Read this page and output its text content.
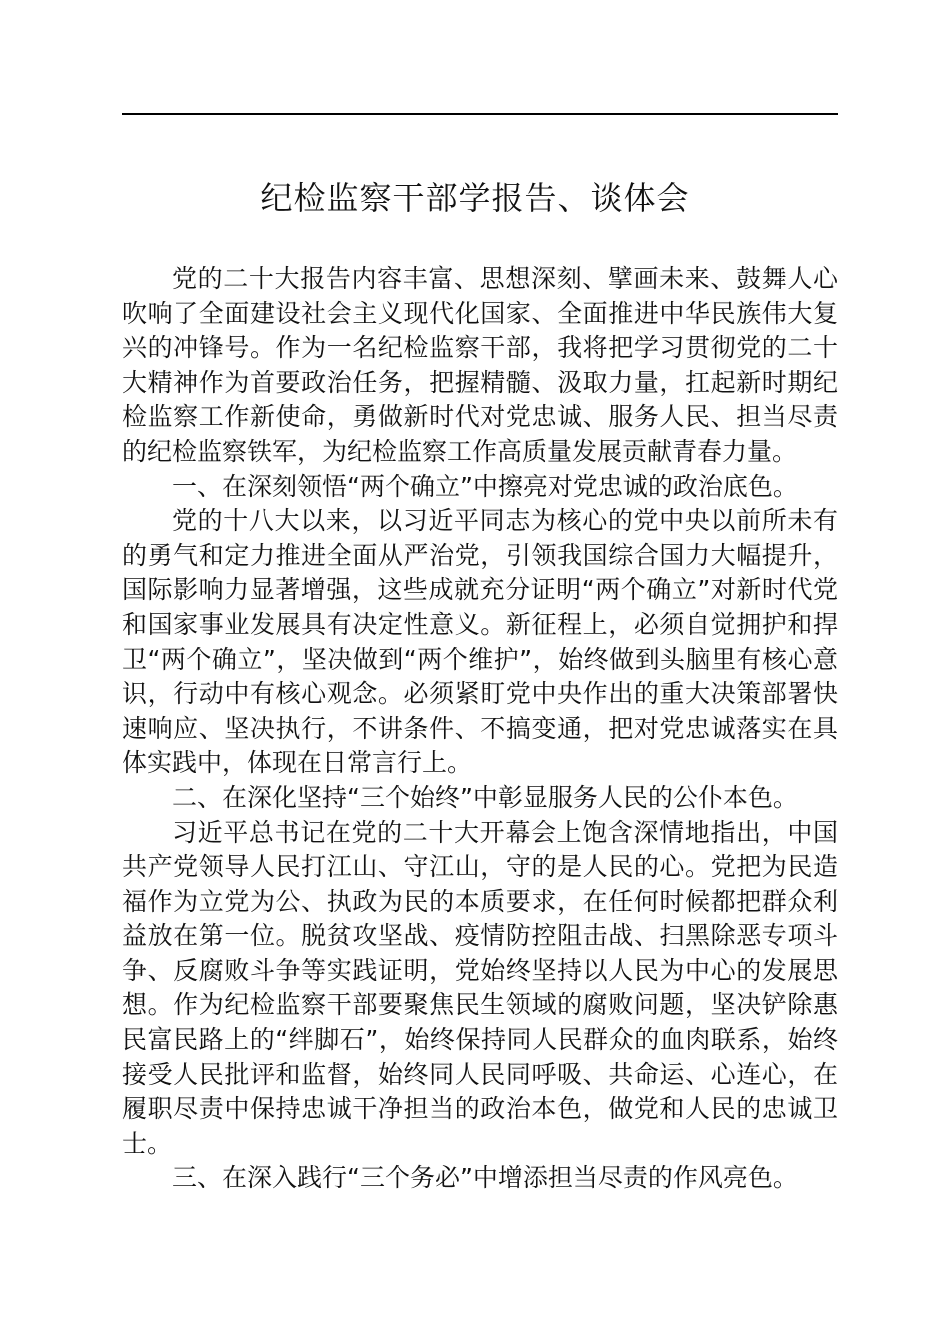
纪检监察干部学报告、谈体会

党的二十大报告内容丰富、思想深刻、擘画未来、鼓舞人心吹响了全面建设社会主义现代化国家、全面推进中华民族伟大复兴的冲锋号。作为一名纪检监察干部，我将把学习贯彻党的二十大精神作为首要政治任务，把握精髓、汲取力量，扛起新时期纪检监察工作新使命，勇做新时代对党忠诚、服务人民、担当尽责的纪检监察铁军，为纪检监察工作高质量发展贡献青春力量。

一、在深刻领悟“两个确立”中擦亮对党忠诚的政治底色。

党的十八大以来，以习近平同志为核心的党中央以前所未有的勇气和定力推进全面从严治党，引领我国综合国力大幅提升，国际影响力显著增强，这些成就充分证明“两个确立”对新时代党和国家事业发展具有决定性意义。新征程上，必须自觉拥护和捍卫“两个确立”，坚决做到“两个维护”，始终做到头脑里有核心意识，行动中有核心观念。必须紧盯党中央作出的重大决策部署快速响应、坚决执行，不讲条件、不搞变通，把对党忠诚落实在具体实践中，体现在日常言行上。

二、在深化坚持“三个始终”中彰显服务人民的公仆本色。

习近平总书记在党的二十大开幕会上饱含深情地指出，中国共产党领导人民打江山、守江山，守的是人民的心。党把为民造福作为立党为公、执政为民的本质要求，在任何时候都把群众利益放在第一位。脱贫攻坚战、疫情防控阻击战、扫黑除恶专项斗争、反腐败斗争等实践证明，党始终坚持以人民为中心的发展思想。作为纪检监察干部要聚焦民生领域的腐败问题，坚决铲除惠民富民路上的“绊脚石”，始终保持同人民群众的血肉联系，始终接受人民批评和监督，始终同人民同呼吸、共命运、心连心，在履职尽责中保持忠诚干净担当的政治本色，做党和人民的忠诚卫士。

三、在深入践行“三个务必”中增添担当尽责的作风亮色。
